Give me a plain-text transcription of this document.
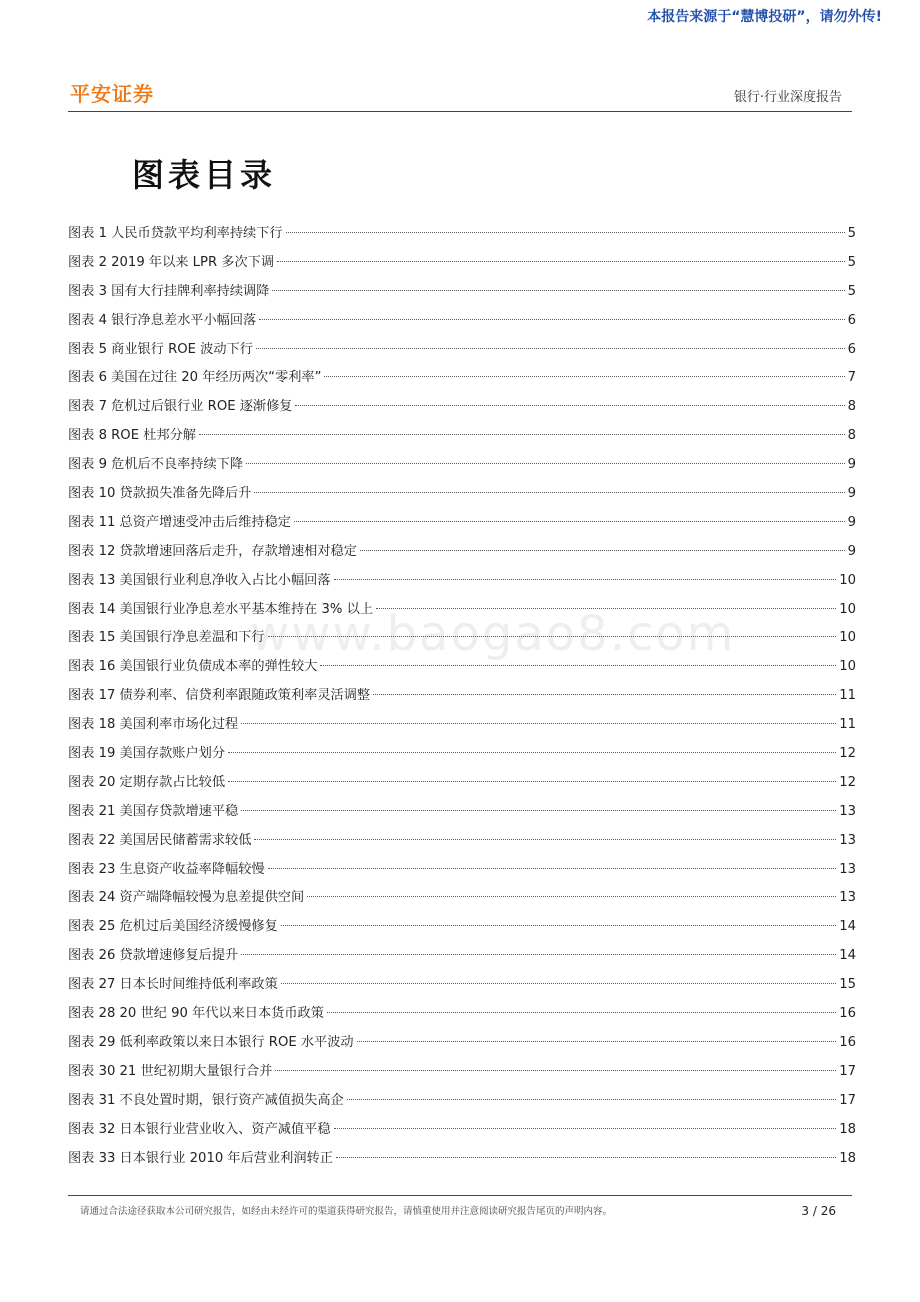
本报告来源于“慧博投研”，请勿外传!
平安证券	银行·行业深度报告
图表目录
www.baogao8.com
图表 1 人民币贷款平均利率持续下行	5
图表 2 2019 年以来 LPR 多次下调	5
图表 3 国有大行挂牌利率持续调降	5
图表 4 银行净息差水平小幅回落	6
图表 5 商业银行 ROE 波动下行	6
图表 6 美国在过往 20 年经历两次“零利率”	7
图表 7 危机过后银行业 ROE 逐渐修复	8
图表 8 ROE 杜邦分解	8
图表 9 危机后不良率持续下降	9
图表 10 贷款损失准备先降后升	9
图表 11 总资产增速受冲击后维持稳定	9
图表 12 贷款增速回落后走升，存款增速相对稳定	9
图表 13 美国银行业利息净收入占比小幅回落	10
图表 14 美国银行业净息差水平基本维持在 3% 以上	10
图表 15 美国银行净息差温和下行	10
图表 16 美国银行业负债成本率的弹性较大	10
图表 17 债券利率、信贷利率跟随政策利率灵活调整	11
图表 18 美国利率市场化过程	11
图表 19 美国存款账户划分	12
图表 20 定期存款占比较低	12
图表 21 美国存贷款增速平稳	13
图表 22 美国居民储蓄需求较低	13
图表 23 生息资产收益率降幅较慢	13
图表 24 资产端降幅较慢为息差提供空间	13
图表 25 危机过后美国经济缓慢修复	14
图表 26 贷款增速修复后提升	14
图表 27 日本长时间维持低利率政策	15
图表 28 20 世纪 90 年代以来日本货币政策	16
图表 29 低利率政策以来日本银行 ROE 水平波动	16
图表 30 21 世纪初期大量银行合并	17
图表 31 不良处置时期，银行资产减值损失高企	17
图表 32 日本银行业营业收入、资产减值平稳	18
图表 33 日本银行业 2010 年后营业利润转正	18
请通过合法途径获取本公司研究报告，如经由未经许可的渠道获得研究报告，请慎重使用并注意阅读研究报告尾页的声明内容。	3 / 26
